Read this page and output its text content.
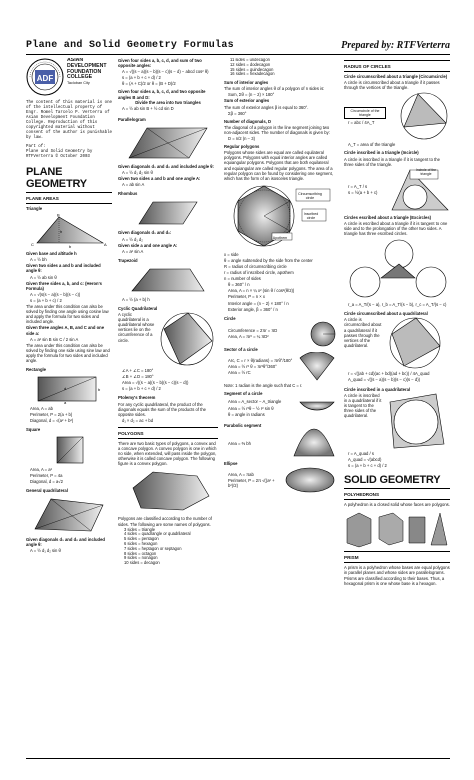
Plane and Solid Geometry Formulas	Prepared by: RTFVerterra
ADF
ASIAN
DEVELOPMENT
FOUNDATION
COLLEGE
Tacloban City
The content of this material is one of the intellectual property of Engr. Romel Tarcelo P. Verterra of Asian Development Foundation College. Reproduction of this copyrighted material without consent of the author is punishable by law.
Part of:
Plane and Solid Geometry by
RTFVerterra © October 2003
PLANE GEOMETRY
PLANE AREAS
Triangle
C
B
A
h
b
Given base and altitude h
A = ½ bh
Given two sides a and b and included angle θ:
A = ½ ab sin θ
Given three sides a, b, and c: (Heron's Formula)
A = √(s(s − a)(s − b)(s − c))
s = (a + b + c) / 2
The area under this condition can also be solved by finding one angle using cosine law and apply the formula for two sides and included angle.
Given three angles A, B, and C and one side a:
A = a² sin B sin C / 2 sin A
The area under this condition can also be solved by finding one side using sine law and apply the formula for two sides and included angle.
Rectangle
b
a
d
Area, A = ab
Perimeter, P = 2(a + b)
Diagonal, d = √(a² + b²)
Square
Area, A = a²
Perimeter, P = 4a
Diagonal, d = a√2
General quadrilateral
Given diagonals d₁ and d₂ and included angle θ:
A = ½ d₁ d₂ sin θ
Given four sides a, b, c, d, and sum of two opposite angles:
A = √((s − a)(s − b)(s − c)(s − d) − abcd cos² θ)
s = (a + b + c + d) / 2
θ = (A + C)/2 or θ = (B + D)/2
Given four sides a, b, c, d, and two opposite angles B and D:
Divide the area into two triangles
A = ½ ab sin B + ½ cd sin D
Parallelogram
Given diagonals d₁ and d₂ and included angle θ:
A = ½ d₁ d₂ sin θ
Given two sides a and b and one angle A:
A = ab sin A
Rhombus
Given diagonals d₁ and d₂:
A = ½ d₁ d₂
Given side a and one angle A:
A = a² sin A
Trapezoid
A = ½ (a + b) h
Cyclic Quadrilateral
A cyclic quadrilateral is a quadrilateral whose vertices lie on the circumference of a circle.
∠A + ∠C = 180°
∠B + ∠D = 180°
Area = √((s − a)(s − b)(s − c)(s − d))
s = (a + b + c + d) / 2
Ptolemy's theorem
For any cyclic quadrilateral, the product of the diagonals equals the sum of the products of the opposite sides.
d₁ × d₂ = ac + bd
POLYGONS
There are two basic types of polygons, a convex and a concave polygon. A convex polygon is one in which no side, when extended, will pass inside the polygon, otherwise it is called concave polygon. The following figure is a convex polygon.
Polygons are classified according to the number of sides. The following are some names of polygons.
3 sides = triangle
4 sides = quadrangle or quadrilateral
5 sides = pentagon
6 sides = hexagon
7 sides = heptagon or septagon
8 sides = octagon
9 sides = nonagon
10 sides = decagon
11 sides = undecagon
12 sides = dodecagon
15 sides = quindecagon
16 sides = hexadecagon
Sum of interior angles
The sum of interior angles θ of a polygon of n sides is:
Sum, Σθ = (n − 2) × 180°
Sum of exterior angles
The sum of exterior angles β is equal to 360°.
Σβ = 360°
Number of diagonals, D
The diagonal of a polygon is the line segment joining two non-adjacent sides. The number of diagonals is given by:
D = n/2 (n − 3)
Regular polygons
Polygons whose sides are equal are called equilateral polygons. Polygons with equal interior angles are called equiangular polygons. Polygons that are both equilateral and equiangular are called regular polygons. The area of a regular polygon can be found by considering one segment, which has the form of an isosceles triangle.
Circumscribing circle
Inscribed circle
Apothem
x = side
θ = angle subtended by the side from the center
R = radius of circumscribing circle
r = radius of inscribed circle, apothem
n = number of sides
θ = 360° / n
Area, A = n × ¼ x² (sin θ / cos²(θ/2))
Perimeter, P = n × x
Interior angle = (n − 2) × 180° / n
Exterior angle, β = 360° / n
Circle
Circumference = 2πr = πD
Area, A = πr² = ¼ πD²
Sector of a circle
Arc, C = r × θ(radians) = πrθ°/180°
Area = ½ r² θ = πr²θ°/360°
Area = ½ rC
Note: 1 radian is the angle such that C = r.
Segment of a circle
Area = A_sector − A_triangle
Area = ½ r²θ − ½ r² sin θ
θ = angle in radians
Parabolic segment
Area = ⅔ bh
Ellipse
Area, A = πab
Perimeter, P = 2π √((a² + b²)/2)
RADIUS OF CIRCLES
Circle circumscribed about a triangle (Circumcircle)
A circle is circumscribed about a triangle if it passes through the vertices of the triangle.
Circumcircle of the triangle
r = abc / 4A_T
A_T = area of the triangle
Circle inscribed in a triangle (Incircle)
A circle is inscribed in a triangle if it is tangent to the three sides of the triangle.
r = A_T / s
s = ½(a + b + c)
Incircle of the triangle
Circles escribed about a triangle (Excircles)
A circle is escribed about a triangle if it is tangent to one side and to the prolongation of the other two sides. A triangle has three escribed circles.
r_a = A_T/(s − a), r_b = A_T/(s − b), r_c = A_T/(s − c)
Circle circumscribed about a quadrilateral
A circle is circumscribed about a quadrilateral if it passes through the vertices of the quadrilateral.
r = √((ab + cd)(ac + bd)(ad + bc)) / 4A_quad
A_quad = √((s − a)(s − b)(s − c)(s − d))
Circle inscribed in a quadrilateral
A circle is inscribed in a quadrilateral if it is tangent to the three sides of the quadrilateral.
r = A_quad / s
A_quad = √(abcd)
s = (a + b + c + d) / 2
SOLID GEOMETRY
POLYHEDRONS
A polyhedron is a closed solid whose faces are polygons.
PRISM
A prism is a polyhedron whose bases are equal polygons in parallel planes and whose sides are parallelograms.
Prisms are classified according to their bases. Thus, a hexagonal prism is one whose base is a hexagon.
